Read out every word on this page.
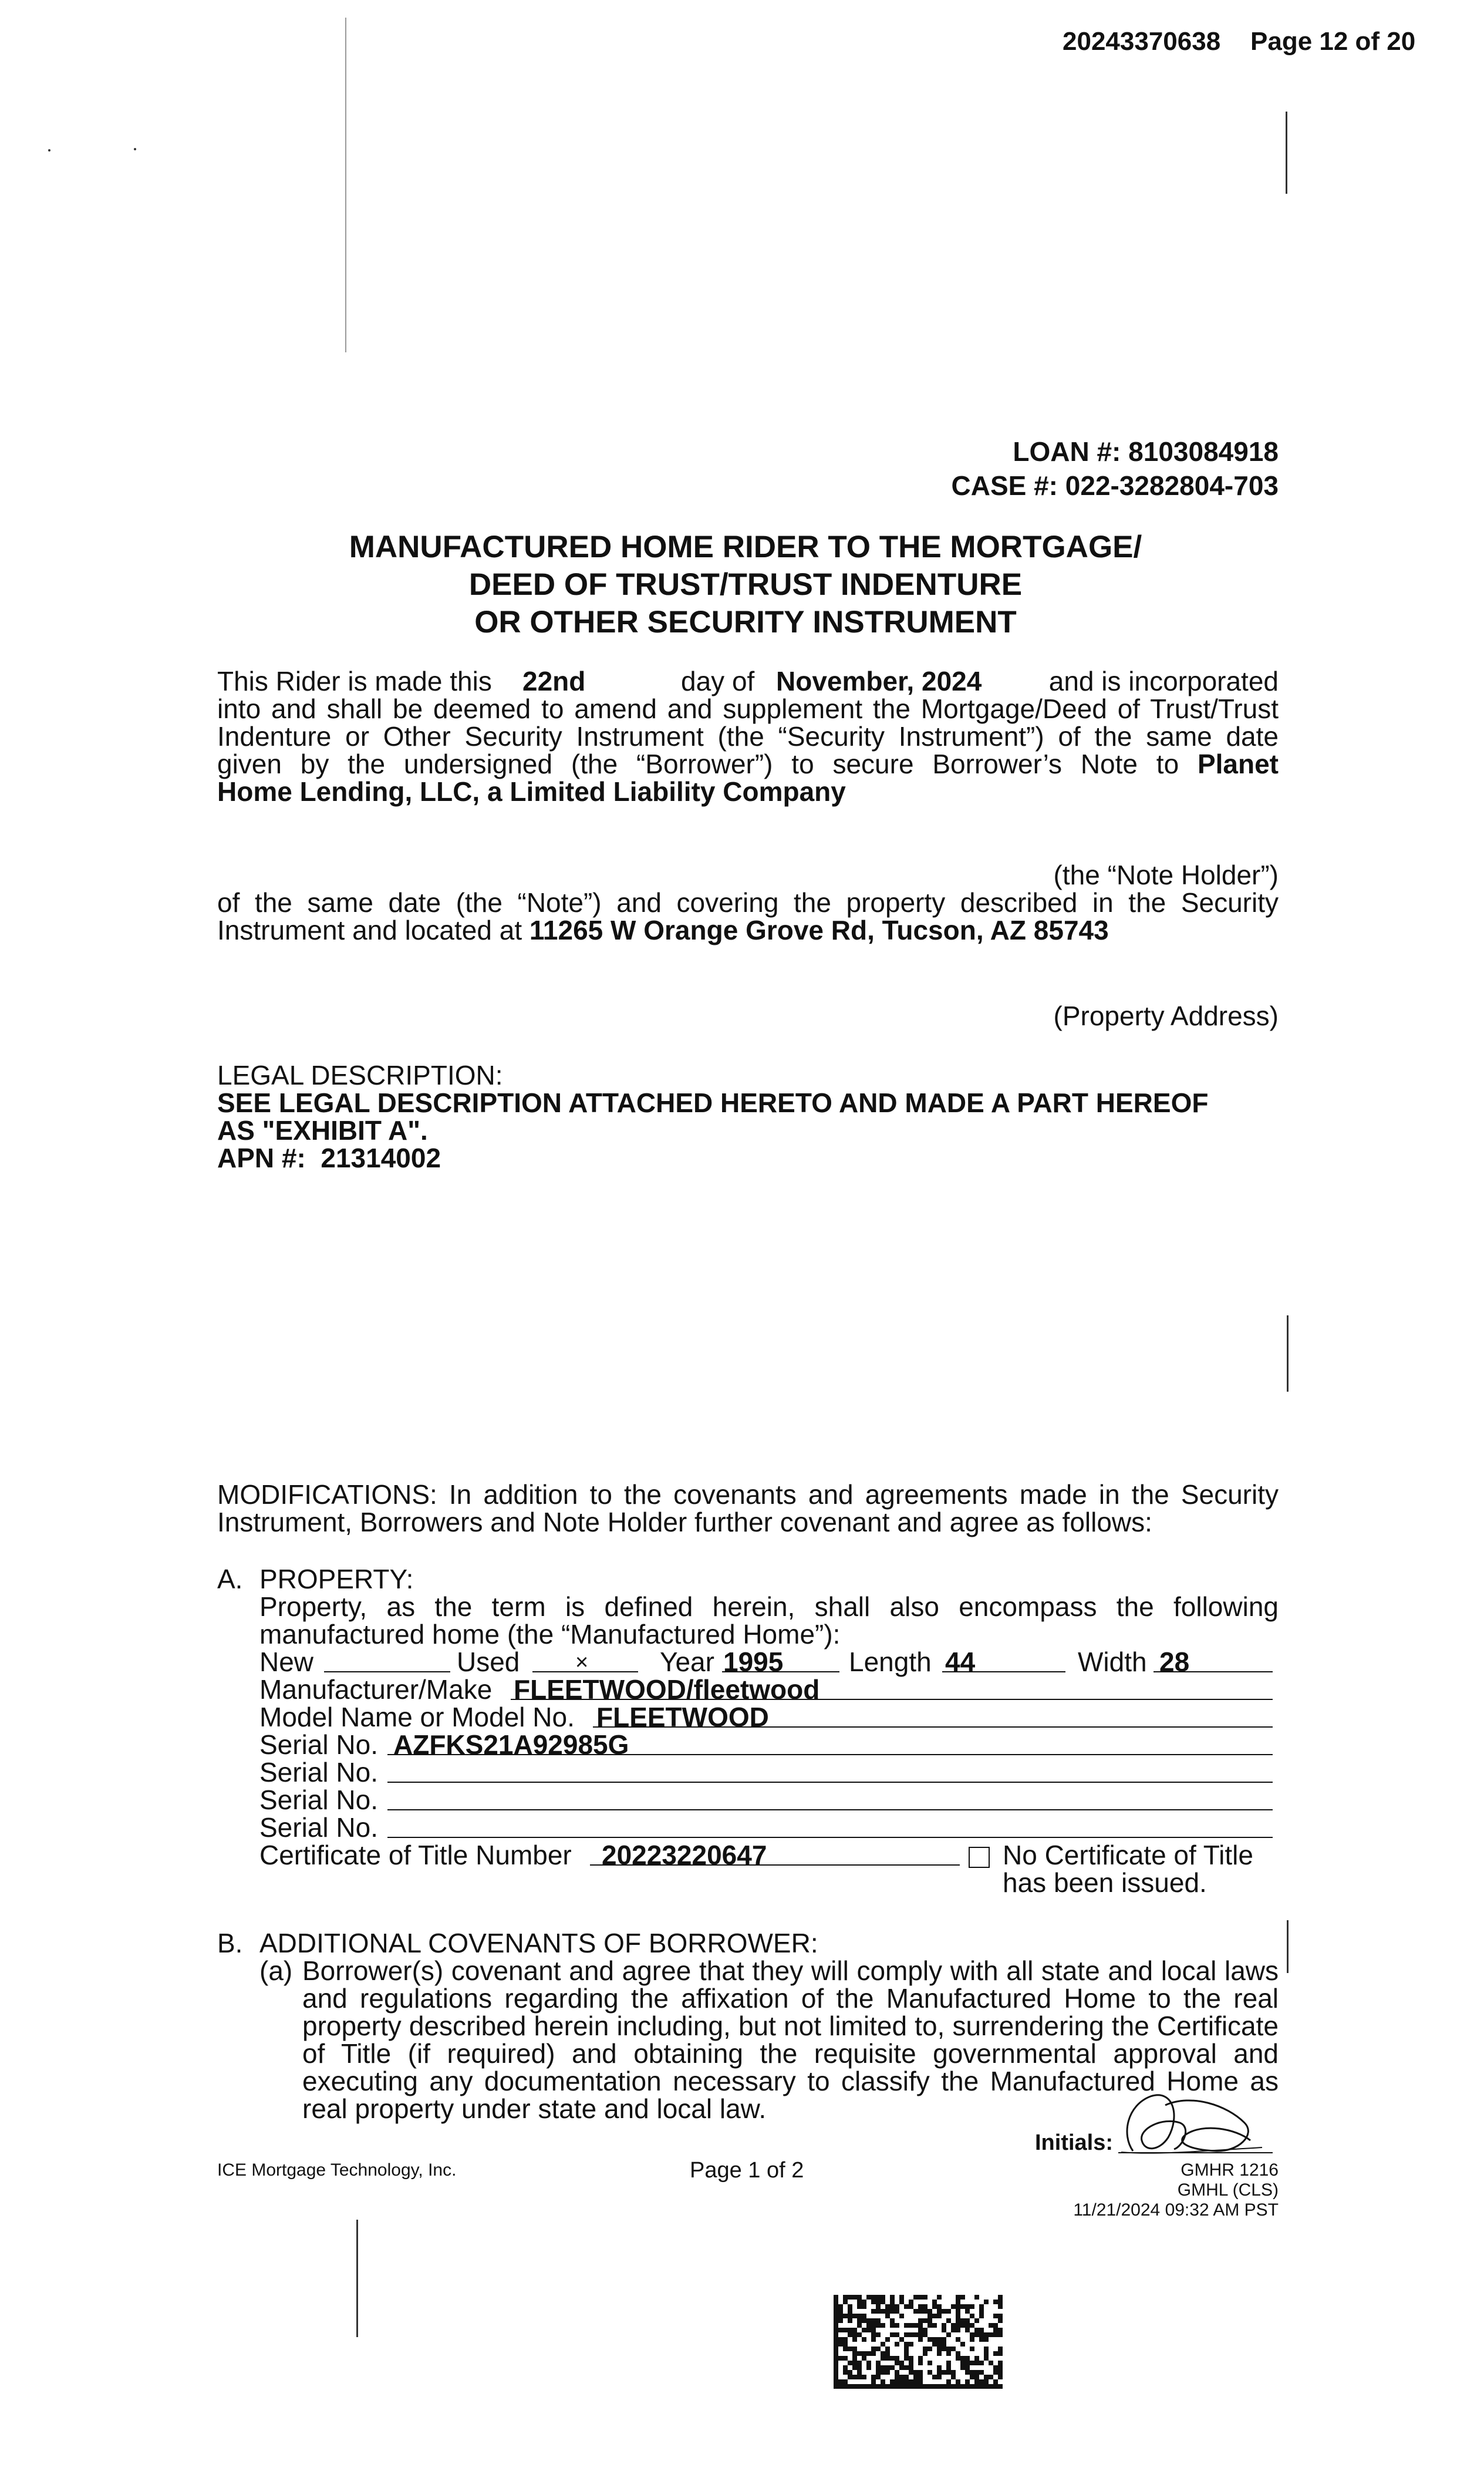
20243370638 Page 12 of 20
LOAN #: 8103084918
CASE #: 022-3282804-703
MANUFACTURED HOME RIDER TO THE MORTGAGE/
DEED OF TRUST/TRUST INDENTURE
OR OTHER SECURITY INSTRUMENT
This Rider is made this 22nd	day of November, 2024 and is incorporated
into and shall be deemed to amend and supplement the Mortgage/Deed of Trust/Trust
Indenture or Other Security Instrument (the “Security Instrument”) of the same date
given by the undersigned (the “Borrower”) to secure Borrower’s Note to Planet
Home Lending, LLC, a Limited Liability Company
(the “Note Holder”)
of the same date (the “Note”) and covering the property described in the Security
Instrument and located at 11265 W Orange Grove Rd, Tucson, AZ 85743
(Property Address)
LEGAL DESCRIPTION:
SEE LEGAL DESCRIPTION ATTACHED HERETO AND MADE A PART HEREOF
AS "EXHIBIT A".
APN #: 21314002
MODIFICATIONS: In addition to the covenants and agreements made in the Security
Instrument, Borrowers and Note Holder further covenant and agree as follows:
A. PROPERTY:
Property, as the term is defined herein, shall also encompass the following
manufactured home (the “Manufactured Home”):
New	Used ×	Year 1995 Length 44	Width 28
Manufacturer/Make FLEETWOOD/fleetwood
Model Name or Model No. FLEETWOOD
Serial No. AZFKS21A92985G
Serial No.
Serial No.
Serial No.
Certificate of Title Number 20223220647	No Certificate of Title
has been issued.
B. ADDITIONAL COVENANTS OF BORROWER:
(a) Borrower(s) covenant and agree that they will comply with all state and local laws
and regulations regarding the affixation of the Manufactured Home to the real
property described herein including, but not limited to, surrendering the Certificate
of Title (if required) and obtaining the requisite governmental approval and
executing any documentation necessary to classify the Manufactured Home as
real property under state and local law.
Initials:
ICE Mortgage Technology, Inc.	Page 1 of 2	GMHR 1216
GMHL (CLS)
11/21/2024 09:32 AM PST
